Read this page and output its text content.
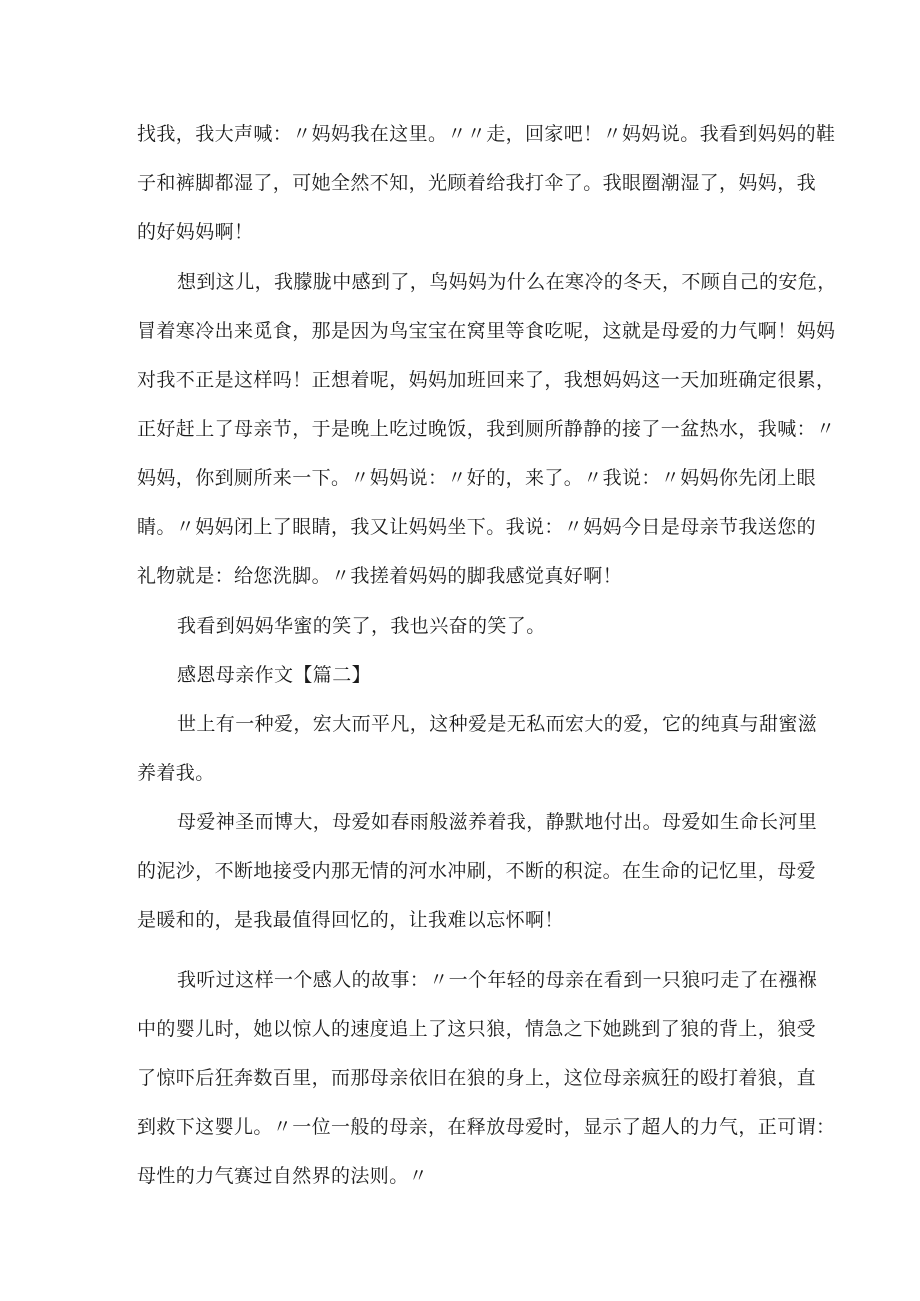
找我，我大声喊：〃妈妈我在这里。〃〃走，回家吧！〃妈妈说。我看到妈妈的鞋

子和裤脚都湿了，可她全然不知，光顾着给我打伞了。我眼圈潮湿了，妈妈，我

的好妈妈啊！

想到这儿，我朦胧中感到了，鸟妈妈为什么在寒冷的冬天，不顾自己的安危，

冒着寒冷出来觅食，那是因为鸟宝宝在窝里等食吃呢，这就是母爱的力气啊！妈妈

对我不正是这样吗！正想着呢，妈妈加班回来了，我想妈妈这一天加班确定很累，

正好赶上了母亲节，于是晚上吃过晚饭，我到厕所静静的接了一盆热水，我喊：〃

妈妈，你到厕所来一下。〃妈妈说：〃好的，来了。〃我说：〃妈妈你先闭上眼

睛。〃妈妈闭上了眼睛，我又让妈妈坐下。我说：〃妈妈今日是母亲节我送您的

礼物就是：给您洗脚。〃我搓着妈妈的脚我感觉真好啊！

我看到妈妈华蜜的笑了，我也兴奋的笑了。

感恩母亲作文【篇二】

世上有一种爱，宏大而平凡，这种爱是无私而宏大的爱，它的纯真与甜蜜滋

养着我。

母爱神圣而博大，母爱如春雨般滋养着我，静默地付出。母爱如生命长河里

的泥沙，不断地接受内那无情的河水冲刷，不断的积淀。在生命的记忆里，母爱

是暖和的，是我最值得回忆的，让我难以忘怀啊！

我听过这样一个感人的故事：〃一个年轻的母亲在看到一只狼叼走了在襁褓

中的婴儿时，她以惊人的速度追上了这只狼，情急之下她跳到了狼的背上，狼受

了惊吓后狂奔数百里，而那母亲依旧在狼的身上，这位母亲疯狂的殴打着狼，直

到救下这婴儿。〃一位一般的母亲，在释放母爱时，显示了超人的力气，正可谓：

母性的力气赛过自然界的法则。〃
